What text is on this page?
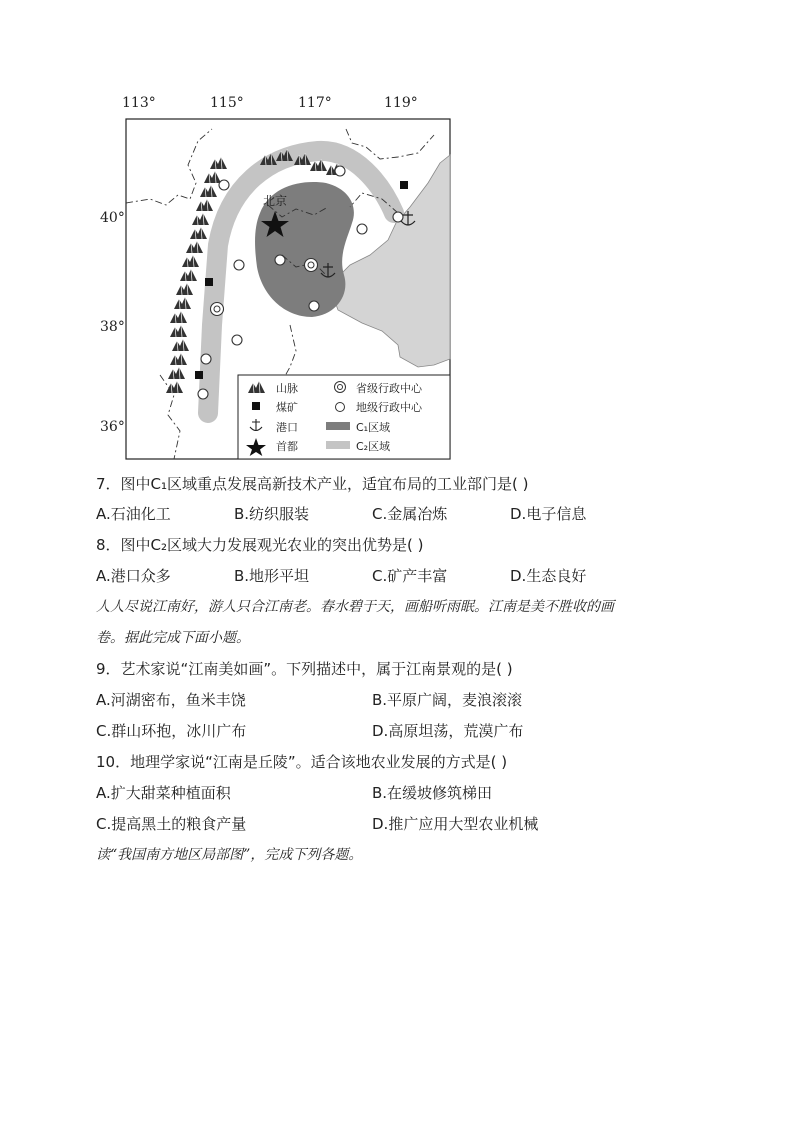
113°	115°	117°	119°
40°
38°
36°
北京
山脉
煤矿
港口
首都
省级行政中心
地级行政中心
C₁区域
C₂区域
7．图中C₁区域重点发展高新技术产业，适宜布局的工业部门是( )
A.石油化工	B.纺织服装	C.金属冶炼	D.电子信息
8．图中C₂区域大力发展观光农业的突出优势是( )
A.港口众多	B.地形平坦	C.矿产丰富	D.生态良好
人人尽说江南好，游人只合江南老。春水碧于天，画船听雨眠。江南是美不胜收的画
卷。据此完成下面小题。
9．艺术家说“江南美如画”。下列描述中，属于江南景观的是( )
A.河湖密布，鱼米丰饶	B.平原广阔，麦浪滚滚
C.群山环抱，冰川广布	D.高原坦荡，荒漠广布
10．地理学家说“江南是丘陵”。适合该地农业发展的方式是( )
A.扩大甜菜种植面积	B.在缓坡修筑梯田
C.提高黑土的粮食产量	D.推广应用大型农业机械
读“我国南方地区局部图”，完成下列各题。
